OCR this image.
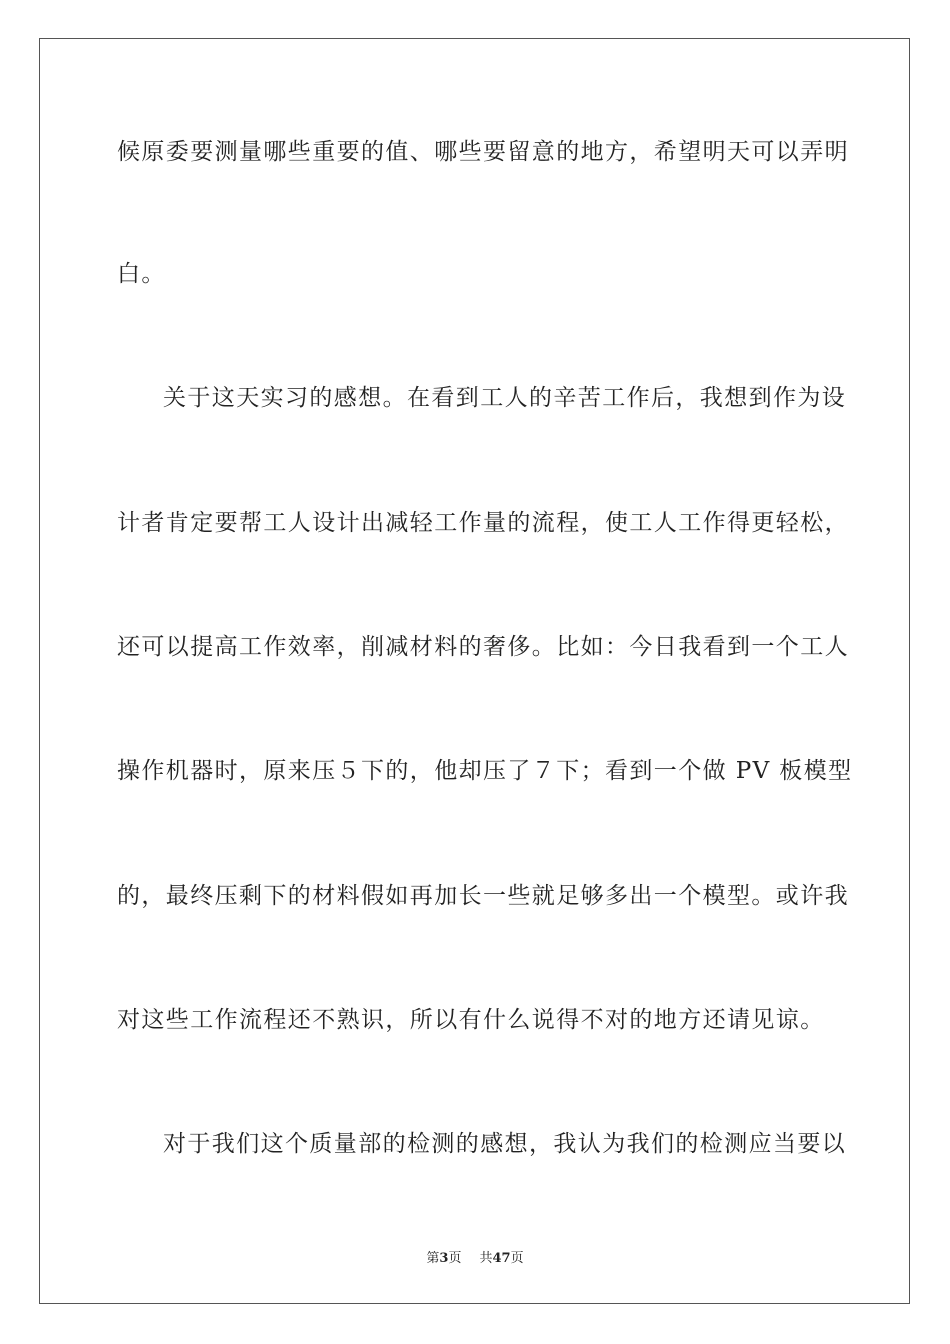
候原委要测量哪些重要的值、哪些要留意的地方，希望明天可以弄明
白。
关于这天实习的感想。在看到工人的辛苦工作后，我想到作为设
计者肯定要帮工人设计出减轻工作量的流程，使工人工作得更轻松，
还可以提高工作效率，削减材料的奢侈。比如：今日我看到一个工人
操作机器时，原来压５下的，他却压了７下；看到一个做 PV 板模型
的，最终压剩下的材料假如再加长一些就足够多出一个模型。或许我
对这些工作流程还不熟识，所以有什么说得不对的地方还请见谅。
对于我们这个质量部的检测的感想，我认为我们的检测应当要以
第3页 共47页
